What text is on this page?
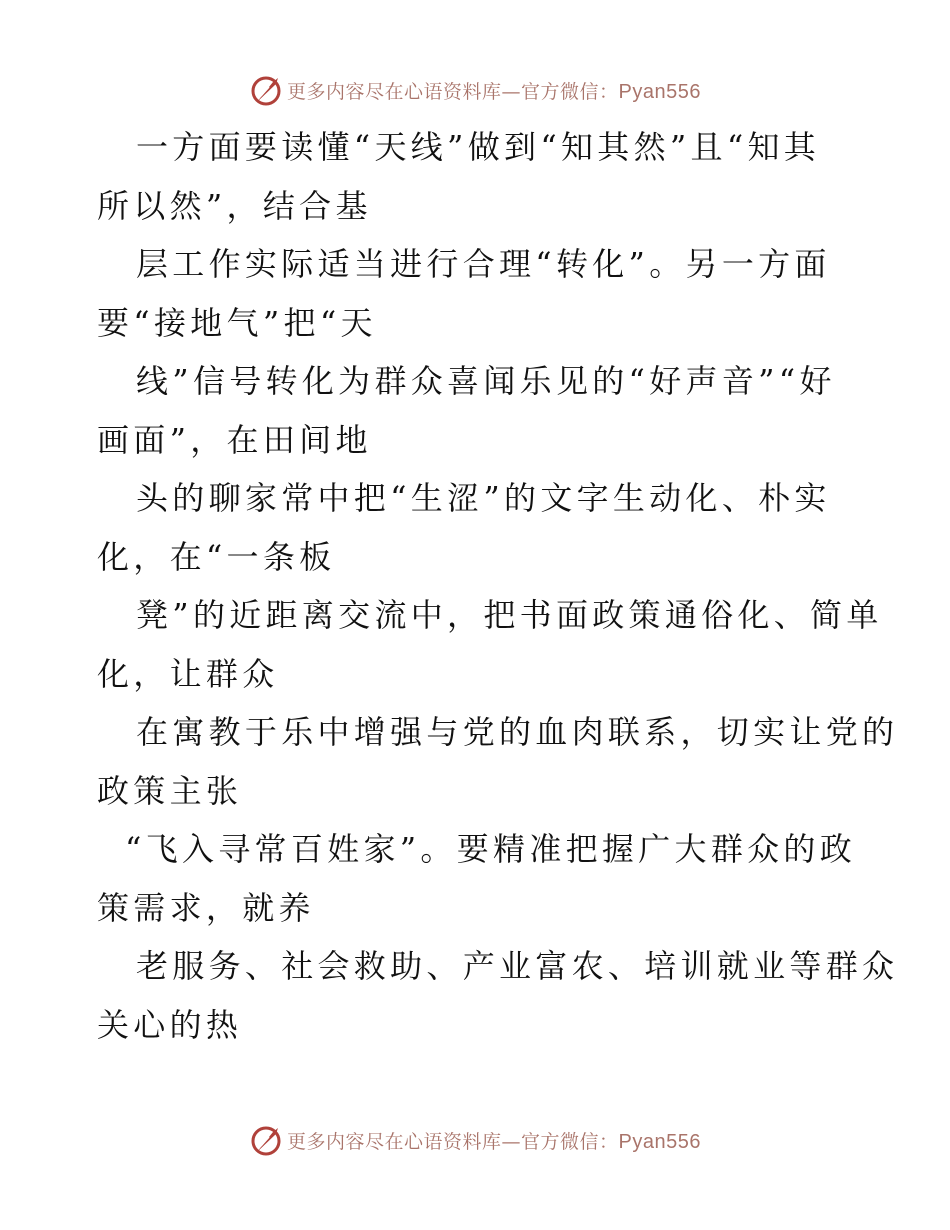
更多内容尽在心语资料库—官方微信：Pyan556
一方面要读懂“天线”做到“知其然”且“知其
所以然”，结合基
层工作实际适当进行合理“转化”。另一方面
要“接地气”把“天
线”信号转化为群众喜闻乐见的“好声音”“好
画面”，在田间地
头的聊家常中把“生涩”的文字生动化、朴实
化，在“一条板
凳”的近距离交流中，把书面政策通俗化、简单
化，让群众
在寓教于乐中增强与党的血肉联系，切实让党的
政策主张
“飞入寻常百姓家”。要精准把握广大群众的政
策需求，就养
老服务、社会救助、产业富农、培训就业等群众
关心的热
更多内容尽在心语资料库—官方微信：Pyan556
